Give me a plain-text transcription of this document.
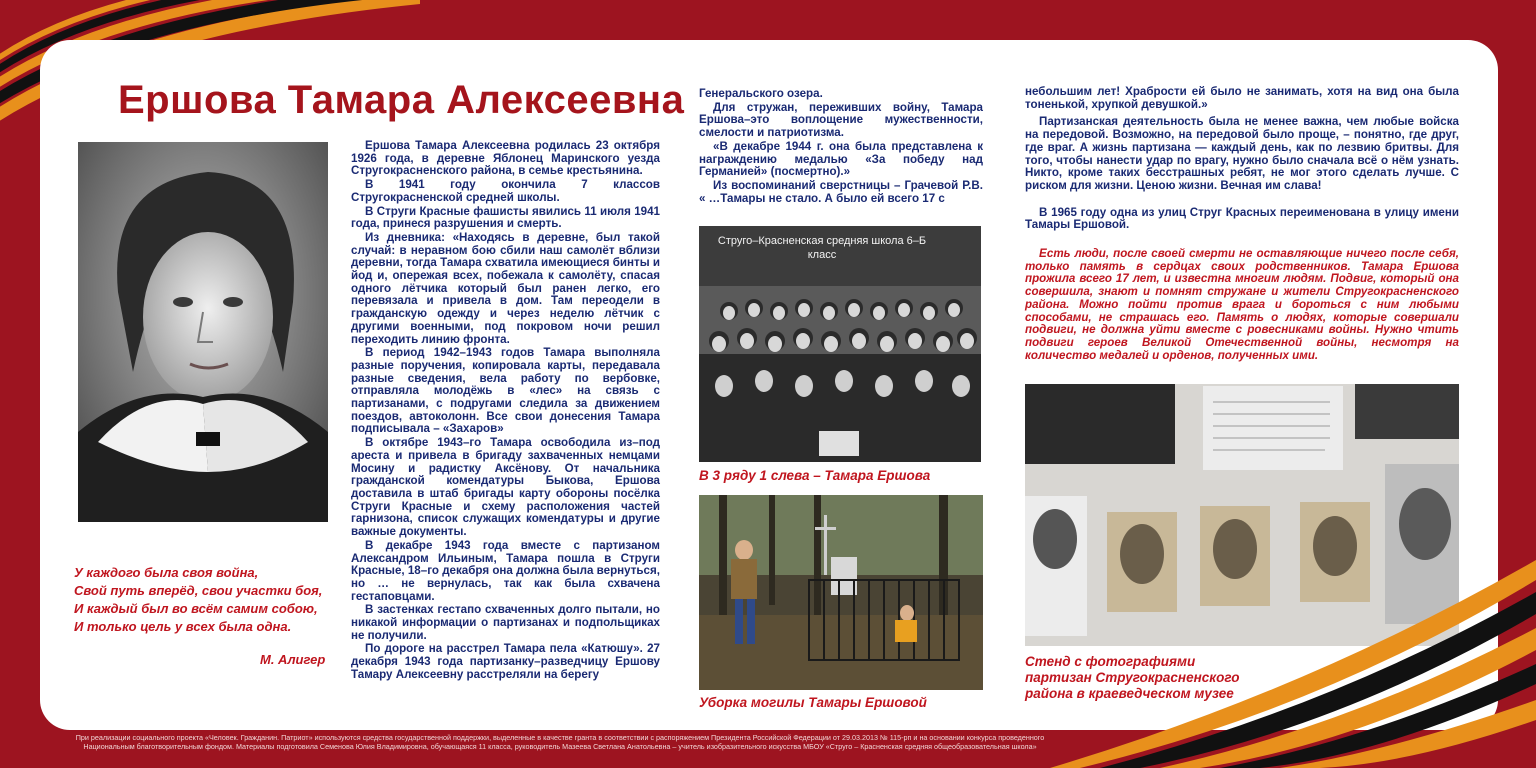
Ершова Тамара Алексеевна
У каждого была своя война,
Свой путь вперёд, свои участки боя,
И каждый был во всём самим собою,
И только цель у всех была одна.
М. Алигер

Ершова Тамара Алексеевна родилась 23 октября 1926 года, в деревне Яблонец Маринского уезда Стругокрасненского района, в семье крестьянина.

В 1941 году окончила 7 классов Стругокрасненской средней школы.

В Струги Красные фашисты явились 11 июля 1941 года, принеся разрушения и смерть.

Из дневника: «Находясь в деревне, был такой случай: в неравном бою сбили наш самолёт вблизи деревни, тогда Тамара схватила имеющиеся бинты и йод и, опережая всех, побежала к самолёту, спасая одного лётчика который был ранен легко, его перевязала и привела в дом. Там переодели в гражданскую одежду и через неделю лётчик с другими военными, под покровом ночи решил переходить линию фронта.

В период 1942–1943 годов Тамара выполняла разные поручения, копировала карты, передавала разные сведения, вела работу по вербовке, отправляла молодёжь в «лес» на связь с партизанами, с подругами следила за движением поездов, автоколонн. Все свои донесения Тамара подписывала – «Захаров»

В октябре 1943–го Тамара освободила из–под ареста и привела в бригаду захваченных немцами Мосину и радистку Аксёнову. От начальника гражданской комендатуры Быкова, Ершова доставила в штаб бригады карту обороны посёлка Струги Красные и схему расположения частей гарнизона, список служащих комендатуры и другие важные документы.

В декабре 1943 года вместе с партизаном Александром Ильиным, Тамара пошла в Струги Красные, 18–го декабря она должна была вернуться, но … не вернулась, так как была схвачена гестаповцами.

В застенках гестапо схваченных долго пытали, но никакой информации о партизанах и подпольщиках не получили.

По дороге на расстрел Тамара пела «Катюшу». 27 декабря 1943 года партизанку–разведчицу Ершову Тамару Алексеевну расстреляли на берегу

Генеральского озера.

Для стружан, переживших войну, Тамара Ершова–это воплощение мужественности, смелости и патриотизма.

«В декабре 1944 г. она была представлена к награждению медалью «За победу над Германией» (посмертно).»

Из воспоминаний сверстницы – Грачевой Р.В. « …Тамары не стало. А было ей всего 17 с

Струго–Красненская средняя школа 6–Б класс
В 3 ряду 1 слева – Тамара Ершова
Уборка могилы Тамары Ершовой

небольшим лет! Храбрости ей было не занимать, хотя на вид она была тоненькой, хрупкой девушкой.»

Партизанская деятельность была не менее важна, чем любые войска на передовой. Возможно, на передовой было проще, – понятно, где друг, где враг. А жизнь партизана — каждый день, как по лезвию бритвы. Для того, чтобы нанести удар по врагу, нужно было сначала всё о нём узнать. Никто, кроме таких бесстрашных ребят, не мог этого сделать лучше. С риском для жизни. Ценою жизни. Вечная им слава!

В 1965 году одна из улиц Струг Красных переименована в улицу имени Тамары Ершовой.

Есть люди, после своей смерти не оставляющие ничего после себя, только память в сердцах своих родственников. Тамара Ершова прожила всего 17 лет, и известна многим людям. Подвиг, который она совершила, знают и помнят стружане и жители Стругокрасненского района. Можно пойти против врага и бороться с ним любыми способами, не страшась его. Память о людях, которые совершали подвиги, не должна уйти вместе с ровесниками войны. Нужно чтить подвиги героев Великой Отечественной войны, несмотря на количество медалей и орденов, полученных ими.

Стенд с фотографиями партизан Стругокрасненского района в краеведческом музее
При реализации социального проекта «Человек. Гражданин. Патриот» используются средства государственной поддержки, выделенные в качестве гранта в соответствии с распоряжением Президента Российской Федерации от 29.03.2013 № 115-рп и на основании конкурса проведенного Национальным благотворительным фондом. Материалы подготовила Семенова Юлия Владимировна, обучающаяся 11 класса, руководитель Мазеева Светлана Анатольевна – учитель изобразительного искусства МБОУ «Струго – Красненская средняя общеобразовательная школа»
